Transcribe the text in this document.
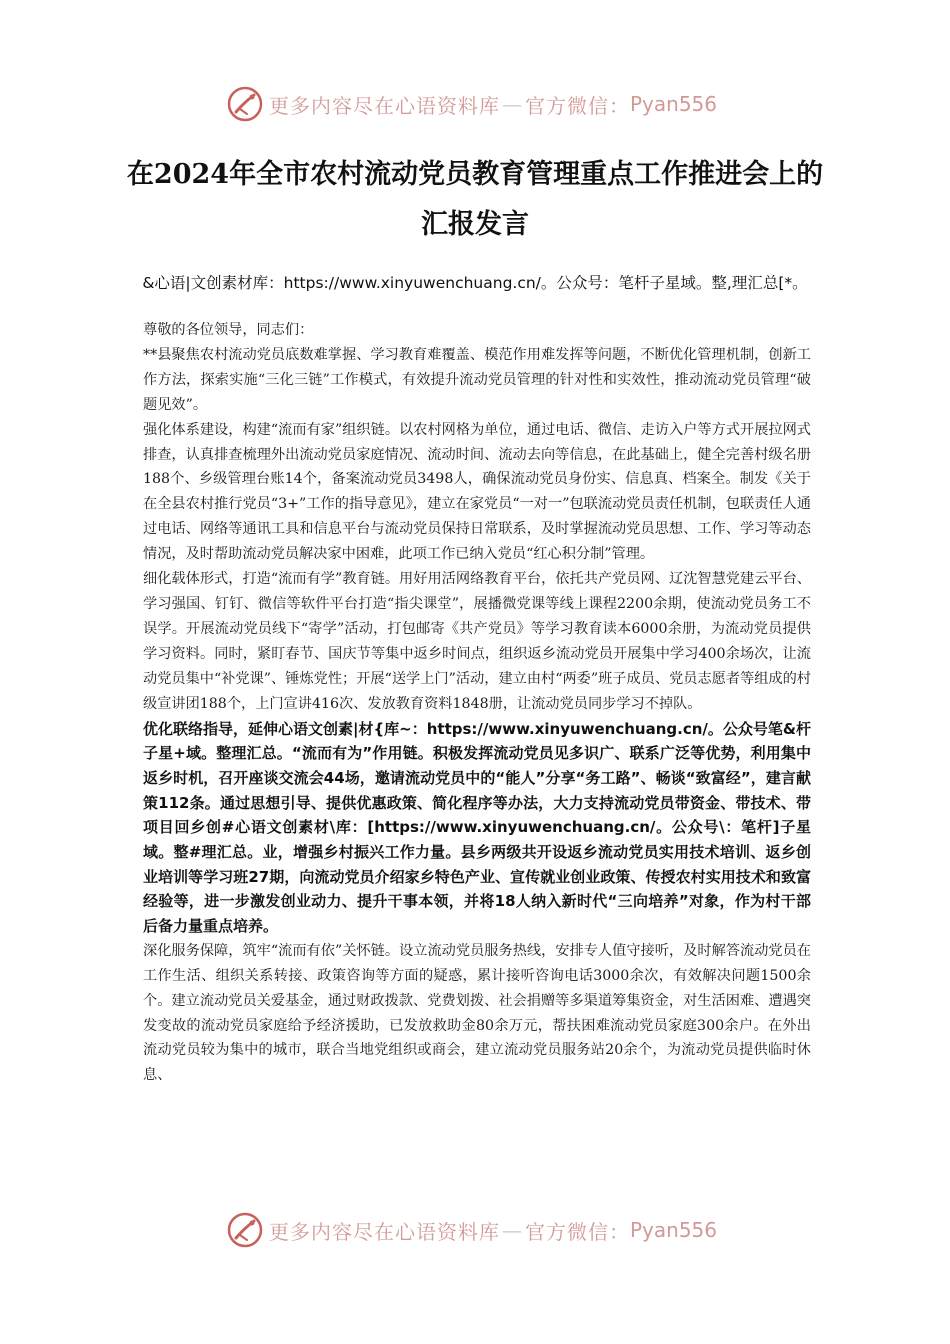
更多内容尽在心语资料库 — 官方微信： Pyan556
在2024年全市农村流动党员教育管理重点工作推进会上的汇报发言
&心语|文创素材库：https://www.xinyuwenchuang.cn/。公众号：笔杆子星域。整,理汇总[*。

尊敬的各位领导，同志们：

**县聚焦农村流动党员底数难掌握、学习教育难覆盖、模范作用难发挥等问题，不断优化管理机制，创新工作方法，探索实施“三化三链”工作模式，有效提升流动党员管理的针对性和实效性，推动流动党员管理“破题见效”。

强化体系建设，构建“流而有家”组织链。以农村网格为单位，通过电话、微信、走访入户等方式开展拉网式排查，认真排查梳理外出流动党员家庭情况、流动时间、流动去向等信息，在此基础上，健全完善村级名册188个、乡级管理台账14个，备案流动党员3498人，确保流动党员身份实、信息真、档案全。制发《关于在全县农村推行党员“3+”工作的指导意见》，建立在家党员“一对一”包联流动党员责任机制，包联责任人通过电话、网络等通讯工具和信息平台与流动党员保持日常联系，及时掌握流动党员思想、工作、学习等动态情况，及时帮助流动党员解决家中困难，此项工作已纳入党员“红心积分制”管理。

细化载体形式，打造“流而有学”教育链。用好用活网络教育平台，依托共产党员网、辽沈智慧党建云平台、学习强国、钉钉、微信等软件平台打造“指尖课堂”，展播微党课等线上课程2200余期，使流动党员务工不误学。开展流动党员线下“寄学”活动，打包邮寄《共产党员》等学习教育读本6000余册，为流动党员提供学习资料。同时，紧盯春节、国庆节等集中返乡时间点，组织返乡流动党员开展集中学习400余场次，让流动党员集中“补党课”、锤炼党性；开展“送学上门”活动，建立由村“两委”班子成员、党员志愿者等组成的村级宣讲团188个，上门宣讲416次、发放教育资料1848册，让流动党员同步学习不掉队。

优化联络指导，延伸心语文创素|材{库~：https://www.xinyuwenchuang.cn/。公众号笔&杆子星+域。整理汇总。“流而有为”作用链。积极发挥流动党员见多识广、联系广泛等优势，利用集中返乡时机，召开座谈交流会44场，邀请流动党员中的“能人”分享“务工路”、畅谈“致富经”，建言献策112条。通过思想引导、提供优惠政策、简化程序等办法，大力支持流动党员带资金、带技术、带项目回乡创#心语文创素材\库：[https://www.xinyuwenchuang.cn/。公众号\：笔杆]子星域。整#理汇总。业，增强乡村振兴工作力量。县乡两级共开设返乡流动党员实用技术培训、返乡创业培训等学习班27期，向流动党员介绍家乡特色产业、宣传就业创业政策、传授农村实用技术和致富经验等，进一步激发创业动力、提升干事本领，并将18人纳入新时代“三向培养”对象，作为村干部后备力量重点培养。

深化服务保障，筑牢“流而有依”关怀链。设立流动党员服务热线，安排专人值守接听，及时解答流动党员在工作生活、组织关系转接、政策咨询等方面的疑惑，累计接听咨询电话3000余次，有效解决问题1500余个。建立流动党员关爱基金，通过财政拨款、党费划拨、社会捐赠等多渠道筹集资金，对生活困难、遭遇突发变故的流动党员家庭给予经济援助，已发放救助金80余万元，帮扶困难流动党员家庭300余户。在外出流动党员较为集中的城市，联合当地党组织或商会，建立流动党员服务站20余个，为流动党员提供临时休息、

更多内容尽在心语资料库 — 官方微信： Pyan556
